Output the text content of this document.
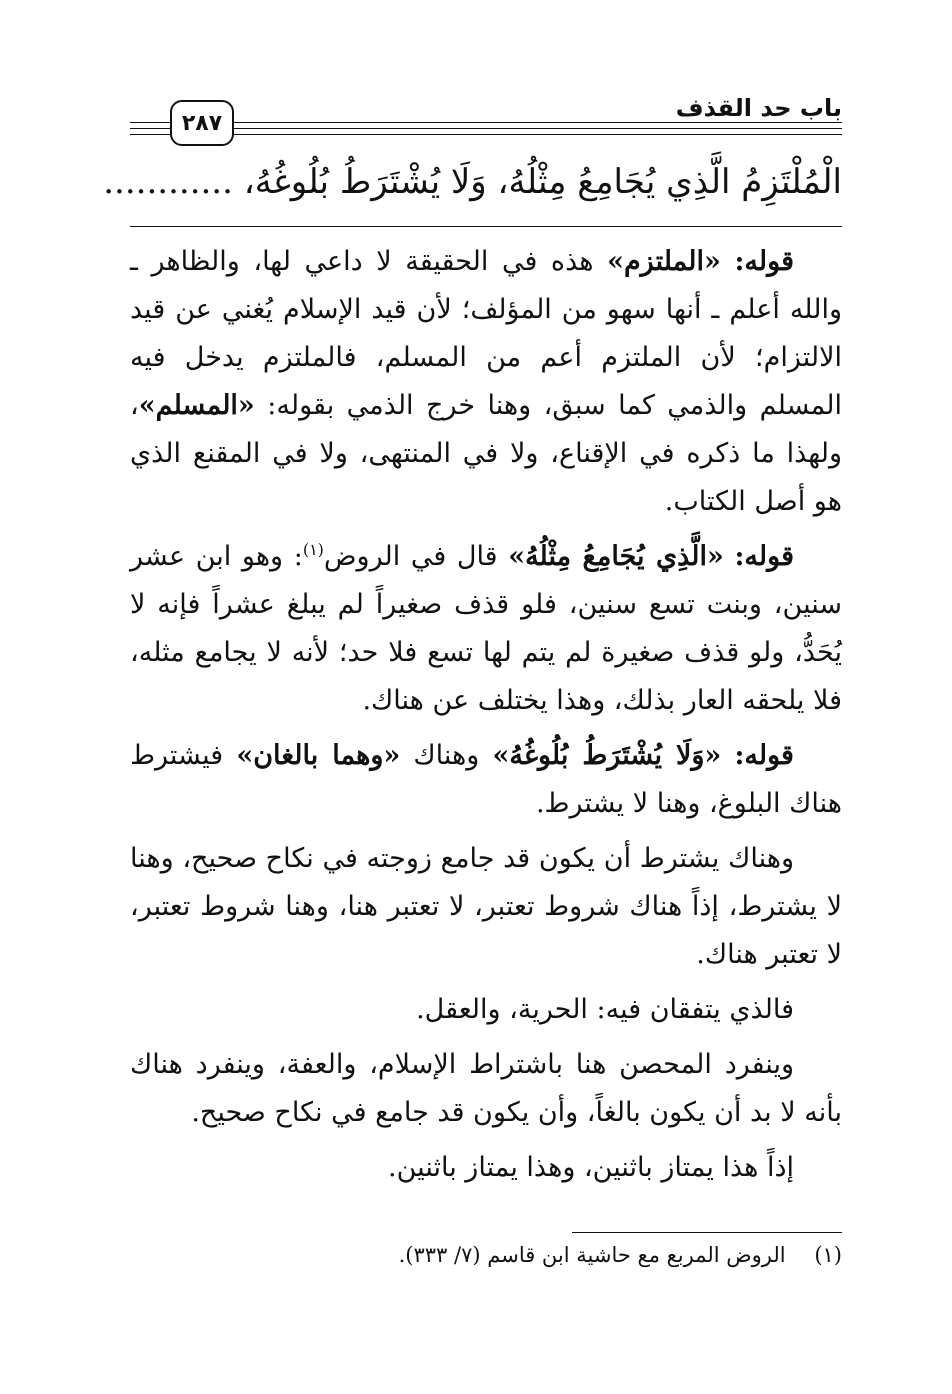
باب حد القذف
٢٨٧
الْمُلْتَزِمُ الَّذِي يُجَامِعُ مِثْلُهُ، وَلَا يُشْتَرَطُ بُلُوغُهُ، ............

قوله: «الملتزم» هذه في الحقيقة لا داعي لها، والظاهر ـ والله أعلم ـ أنها سهو من المؤلف؛ لأن قيد الإسلام يُغني عن قيد الالتزام؛ لأن الملتزم أعم من المسلم، فالملتزم يدخل فيه المسلم والذمي كما سبق، وهنا خرج الذمي بقوله: «المسلم»، ولهذا ما ذكره في الإقناع، ولا في المنتهى، ولا في المقنع الذي هو أصل الكتاب.

قوله: «الَّذِي يُجَامِعُ مِثْلُهُ» قال في الروض$^{(١)}$: وهو ابن عشر سنين، وبنت تسع سنين، فلو قذف صغيراً لم يبلغ عشراً فإنه لا يُحَدُّ، ولو قذف صغيرة لم يتم لها تسع فلا حد؛ لأنه لا يجامع مثله، فلا يلحقه العار بذلك، وهذا يختلف عن هناك.

قوله: «وَلَا يُشْتَرَطُ بُلُوغُهُ» وهناك «وهما بالغان» فيشترط هناك البلوغ، وهنا لا يشترط.

وهناك يشترط أن يكون قد جامع زوجته في نكاح صحيح، وهنا لا يشترط، إذاً هناك شروط تعتبر، لا تعتبر هنا، وهنا شروط تعتبر، لا تعتبر هناك.

فالذي يتفقان فيه: الحرية، والعقل.

وينفرد المحصن هنا باشتراط الإسلام، والعفة، وينفرد هناك بأنه لا بد أن يكون بالغاً، وأن يكون قد جامع في نكاح صحيح.

إذاً هذا يمتاز باثنين، وهذا يمتاز باثنين.

(١) الروض المربع مع حاشية ابن قاسم (٧/ ٣٣٣).
